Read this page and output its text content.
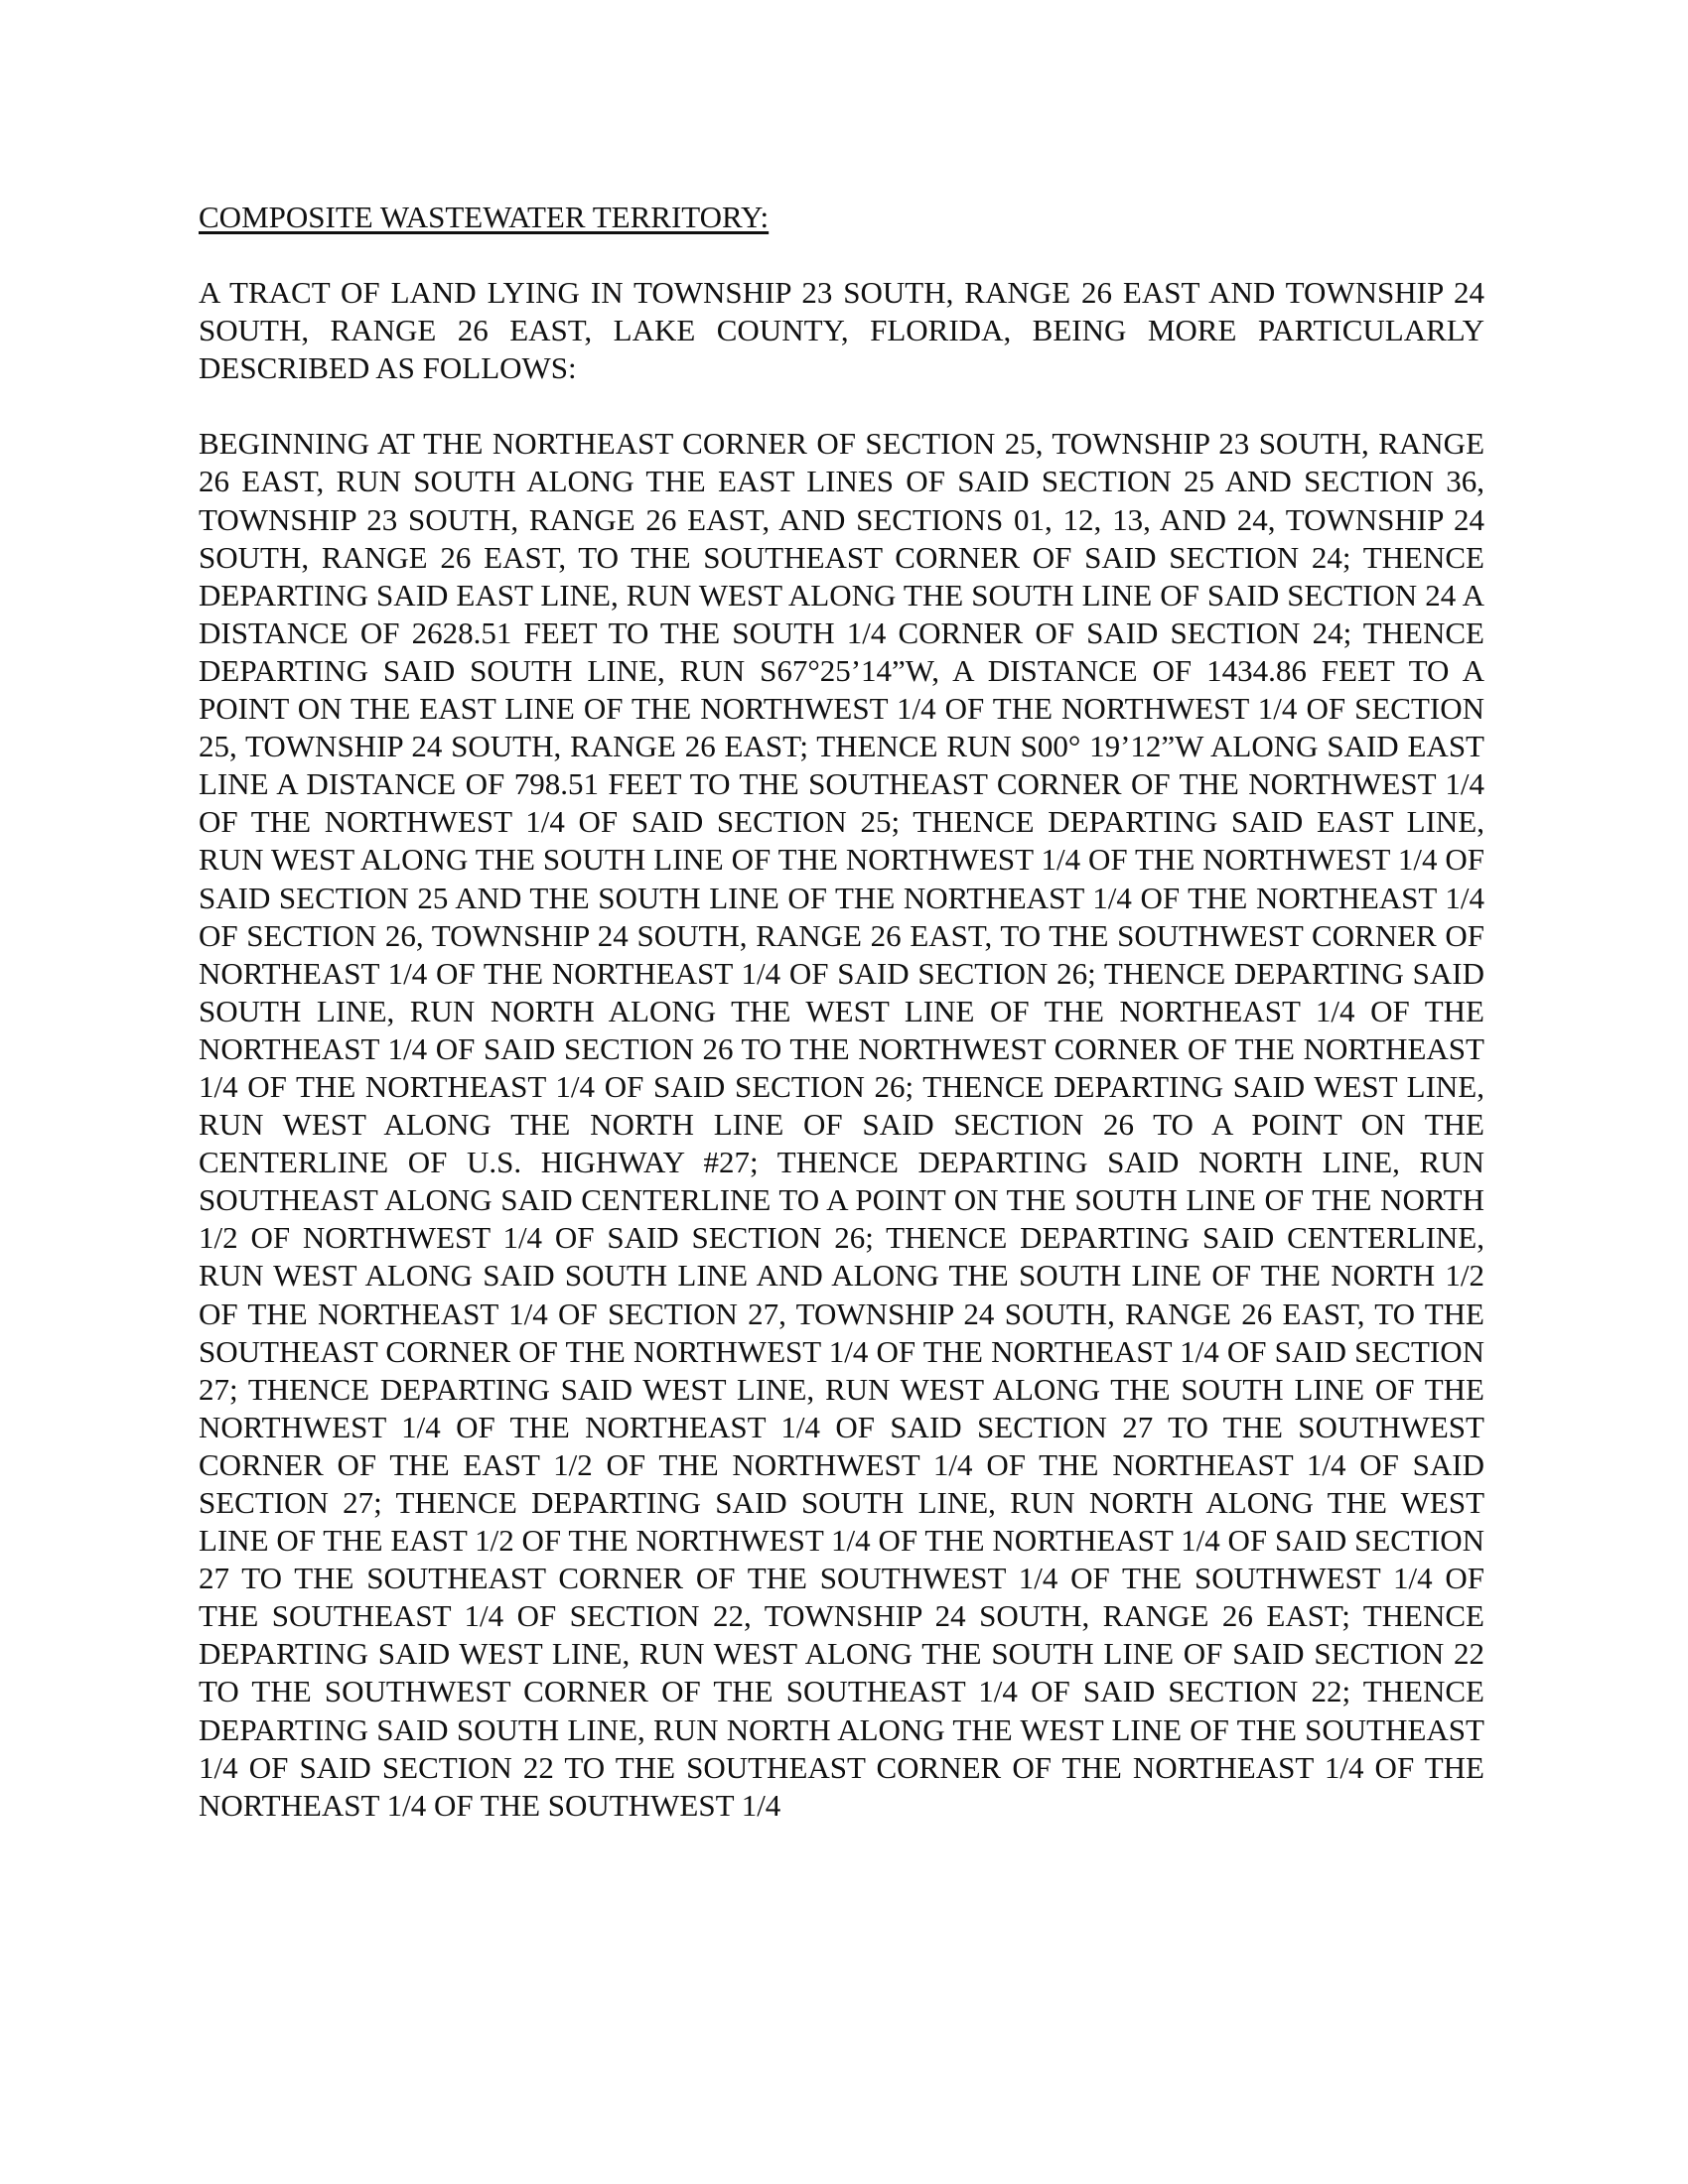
COMPOSITE WASTEWATER TERRITORY:

A TRACT OF LAND LYING IN TOWNSHIP 23 SOUTH, RANGE 26 EAST AND TOWNSHIP 24 SOUTH, RANGE 26 EAST, LAKE COUNTY, FLORIDA, BEING MORE PARTICULARLY DESCRIBED AS FOLLOWS:

BEGINNING AT THE NORTHEAST CORNER OF SECTION 25, TOWNSHIP 23 SOUTH, RANGE 26 EAST, RUN SOUTH ALONG THE EAST LINES OF SAID SECTION 25 AND SECTION 36, TOWNSHIP 23 SOUTH, RANGE 26 EAST, AND SECTIONS 01, 12, 13, AND 24, TOWNSHIP 24 SOUTH, RANGE 26 EAST, TO THE SOUTHEAST CORNER OF SAID SECTION 24; THENCE DEPARTING SAID EAST LINE, RUN WEST ALONG THE SOUTH LINE OF SAID SECTION 24 A DISTANCE OF 2628.51 FEET TO THE SOUTH 1/4 CORNER OF SAID SECTION 24; THENCE DEPARTING SAID SOUTH LINE, RUN S67°25’14”W, A DISTANCE OF 1434.86 FEET TO A POINT ON THE EAST LINE OF THE NORTHWEST 1/4 OF THE NORTHWEST 1/4 OF SECTION 25, TOWNSHIP 24 SOUTH, RANGE 26 EAST; THENCE RUN S00° 19’12”W ALONG SAID EAST LINE A DISTANCE OF 798.51 FEET TO THE SOUTHEAST CORNER OF THE NORTHWEST 1/4 OF THE NORTHWEST 1/4 OF SAID SECTION 25; THENCE DEPARTING SAID EAST LINE, RUN WEST ALONG THE SOUTH LINE OF THE NORTHWEST 1/4 OF THE NORTHWEST 1/4 OF SAID SECTION 25 AND THE SOUTH LINE OF THE NORTHEAST 1/4 OF THE NORTHEAST 1/4 OF SECTION 26, TOWNSHIP 24 SOUTH, RANGE 26 EAST, TO THE SOUTHWEST CORNER OF NORTHEAST 1/4 OF THE NORTHEAST 1/4 OF SAID SECTION 26; THENCE DEPARTING SAID SOUTH LINE, RUN NORTH ALONG THE WEST LINE OF THE NORTHEAST 1/4 OF THE NORTHEAST 1/4 OF SAID SECTION 26 TO THE NORTHWEST CORNER OF THE NORTHEAST 1/4 OF THE NORTHEAST 1/4 OF SAID SECTION 26; THENCE DEPARTING SAID WEST LINE, RUN WEST ALONG THE NORTH LINE OF SAID SECTION 26 TO A POINT ON THE CENTERLINE OF U.S. HIGHWAY #27; THENCE DEPARTING SAID NORTH LINE, RUN SOUTHEAST ALONG SAID CENTERLINE TO A POINT ON THE SOUTH LINE OF THE NORTH 1/2 OF NORTHWEST 1/4 OF SAID SECTION 26; THENCE DEPARTING SAID CENTERLINE, RUN WEST ALONG SAID SOUTH LINE AND ALONG THE SOUTH LINE OF THE NORTH 1/2 OF THE NORTHEAST 1/4 OF SECTION 27, TOWNSHIP 24 SOUTH, RANGE 26 EAST, TO THE SOUTHEAST CORNER OF THE NORTHWEST 1/4 OF THE NORTHEAST 1/4 OF SAID SECTION 27; THENCE DEPARTING SAID WEST LINE, RUN WEST ALONG THE SOUTH LINE OF THE NORTHWEST 1/4 OF THE NORTHEAST 1/4 OF SAID SECTION 27 TO THE SOUTHWEST CORNER OF THE EAST 1/2 OF THE NORTHWEST 1/4 OF THE NORTHEAST 1/4 OF SAID SECTION 27; THENCE DEPARTING SAID SOUTH LINE, RUN NORTH ALONG THE WEST LINE OF THE EAST 1/2 OF THE NORTHWEST 1/4 OF THE NORTHEAST 1/4 OF SAID SECTION 27 TO THE SOUTHEAST CORNER OF THE SOUTHWEST 1/4 OF THE SOUTHWEST 1/4 OF THE SOUTHEAST 1/4 OF SECTION 22, TOWNSHIP 24 SOUTH, RANGE 26 EAST; THENCE DEPARTING SAID WEST LINE, RUN WEST ALONG THE SOUTH LINE OF SAID SECTION 22 TO THE SOUTHWEST CORNER OF THE SOUTHEAST 1/4 OF SAID SECTION 22; THENCE DEPARTING SAID SOUTH LINE, RUN NORTH ALONG THE WEST LINE OF THE SOUTHEAST 1/4 OF SAID SECTION 22 TO THE SOUTHEAST CORNER OF THE NORTHEAST 1/4 OF THE NORTHEAST 1/4 OF THE SOUTHWEST 1/4
